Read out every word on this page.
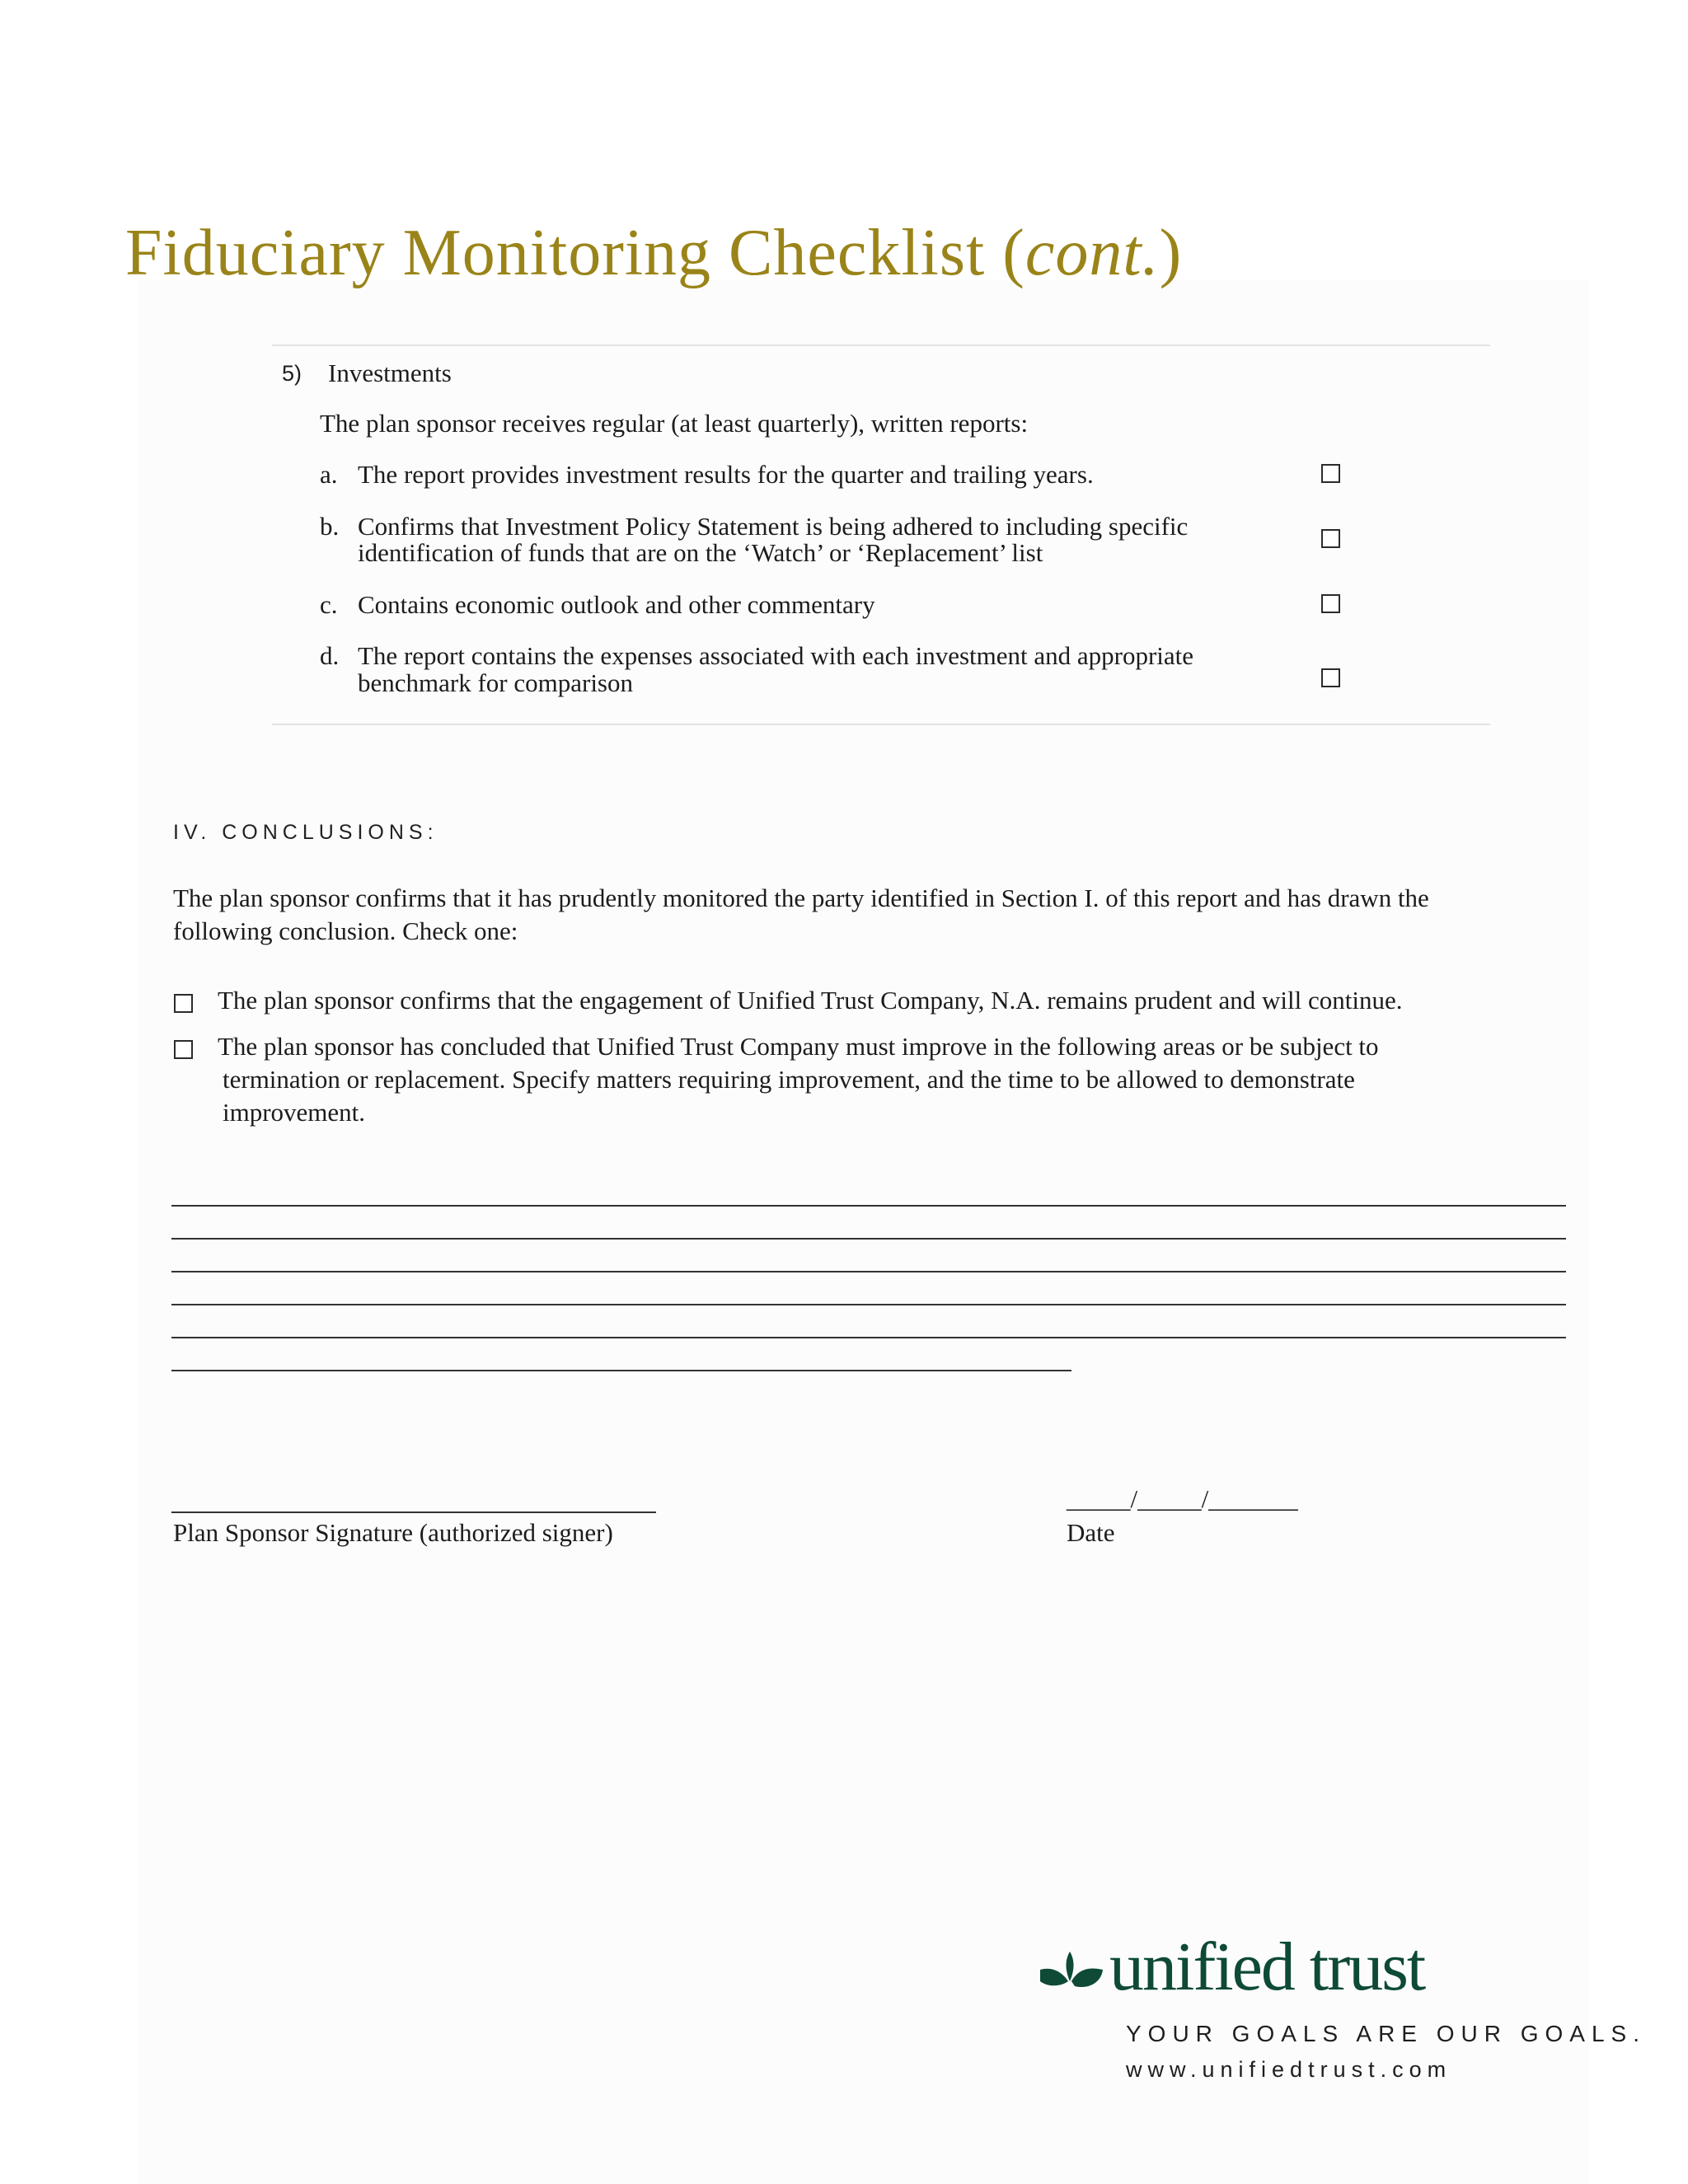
Fiduciary Monitoring Checklist (cont.)
5) Investments
The plan sponsor receives regular (at least quarterly), written reports:
a. The report provides investment results for the quarter and trailing years.
b. Confirms that Investment Policy Statement is being adhered to including specific
identification of funds that are on the ‘Watch’ or ‘Replacement’ list
c. Contains economic outlook and other commentary
d. The report contains the expenses associated with each investment and appropriate
benchmark for comparison
IV. CONCLUSIONS:
The plan sponsor confirms that it has prudently monitored the party identified in Section I. of this report and has drawn the
following conclusion. Check one:
The plan sponsor confirms that the engagement of Unified Trust Company, N.A. remains prudent and will continue.
The plan sponsor has concluded that Unified Trust Company must improve in the following areas or be subject to
termination or replacement. Specify matters requiring improvement, and the time to be allowed to demonstrate
improvement.
Plan Sponsor Signature (authorized signer)
_____/_____/_______
Date
unified trust
YOUR GOALS ARE OUR GOALS.
www.unifiedtrust.com
